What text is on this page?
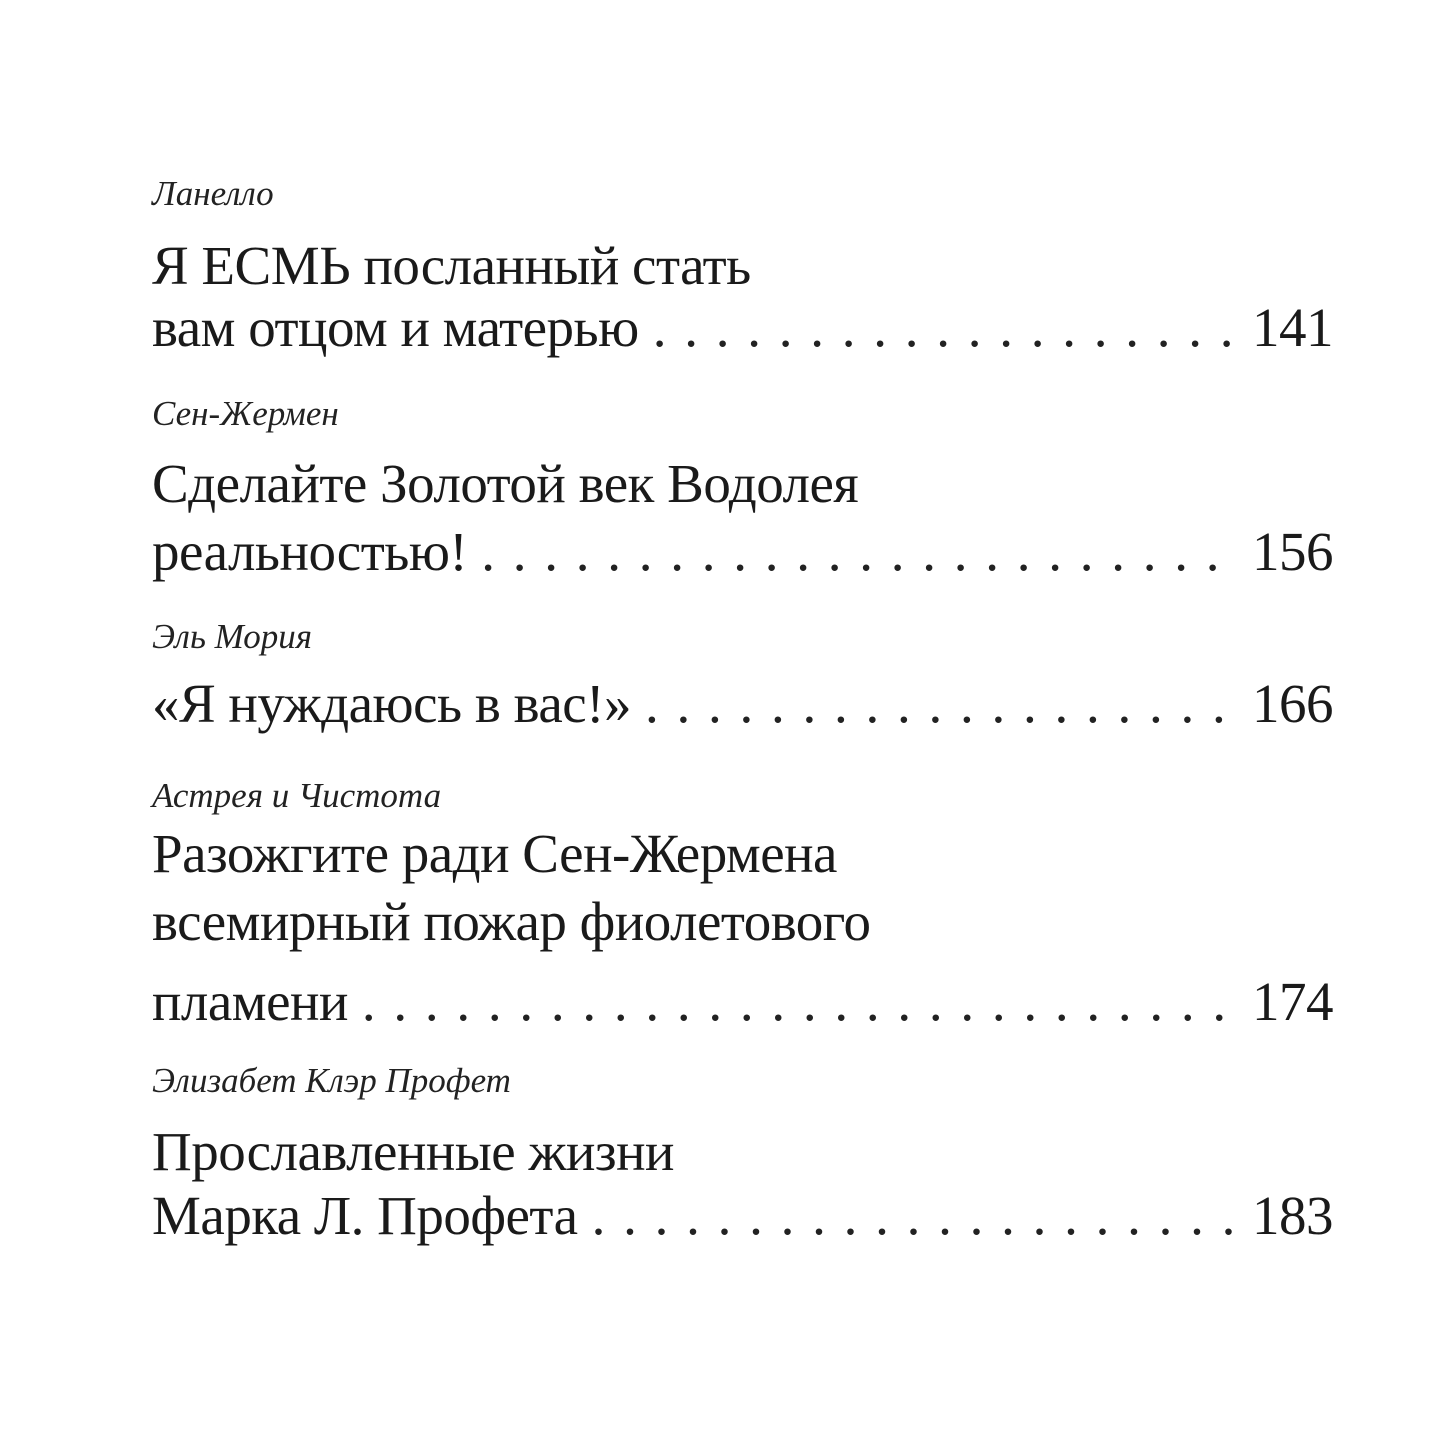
Ланелло
Я ЕСМЬ посланный стать
вам отцом и матерью . . .	141
Сен-Жермен
Сделайте Золотой век Водолея
реальностью! . . .	156
Эль Мория
«Я нуждаюсь в вас!» . . .	166
Астрея и Чистота
Разожгите ради Сен-Жермена
всемирный пожар фиолетового
пламени . . .	174
Элизабет Клэр Профет
Прославленные жизни
Марка Л. Профета . . .	183
